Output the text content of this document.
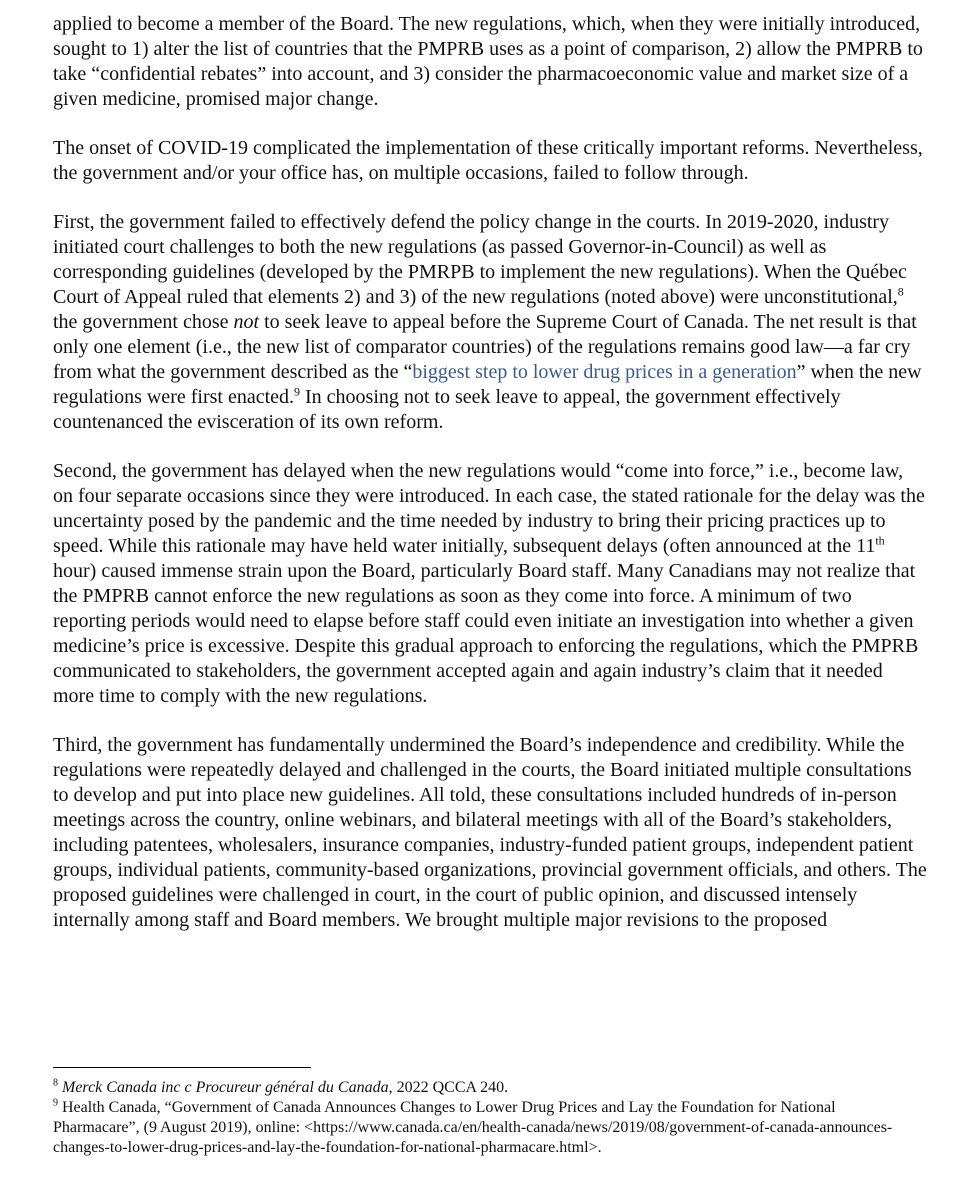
applied to become a member of the Board. The new regulations, which, when they were initially introduced, sought to 1) alter the list of countries that the PMPRB uses as a point of comparison, 2) allow the PMPRB to take “confidential rebates” into account, and 3) consider the pharmacoeconomic value and market size of a given medicine, promised major change.

The onset of COVID-19 complicated the implementation of these critically important reforms. Nevertheless, the government and/or your office has, on multiple occasions, failed to follow through.

First, the government failed to effectively defend the policy change in the courts. In 2019-2020, industry initiated court challenges to both the new regulations (as passed Governor-in-Council) as well as corresponding guidelines (developed by the PMRPB to implement the new regulations). When the Québec Court of Appeal ruled that elements 2) and 3) of the new regulations (noted above) were unconstitutional,$^8$ the government chose not to seek leave to appeal before the Supreme Court of Canada. The net result is that only one element (i.e., the new list of comparator countries) of the regulations remains good law—a far cry from what the government described as the “biggest step to lower drug prices in a generation” when the new regulations were first enacted.$^9$ In choosing not to seek leave to appeal, the government effectively countenanced the evisceration of its own reform.

Second, the government has delayed when the new regulations would “come into force,” i.e., become law, on four separate occasions since they were introduced. In each case, the stated rationale for the delay was the uncertainty posed by the pandemic and the time needed by industry to bring their pricing practices up to speed. While this rationale may have held water initially, subsequent delays (often announced at the 11th hour) caused immense strain upon the Board, particularly Board staff. Many Canadians may not realize that the PMPRB cannot enforce the new regulations as soon as they come into force. A minimum of two reporting periods would need to elapse before staff could even initiate an investigation into whether a given medicine’s price is excessive. Despite this gradual approach to enforcing the regulations, which the PMPRB communicated to stakeholders, the government accepted again and again industry’s claim that it needed more time to comply with the new regulations.

Third, the government has fundamentally undermined the Board’s independence and credibility. While the regulations were repeatedly delayed and challenged in the courts, the Board initiated multiple consultations to develop and put into place new guidelines. All told, these consultations included hundreds of in-person meetings across the country, online webinars, and bilateral meetings with all of the Board’s stakeholders, including patentees, wholesalers, insurance companies, industry-funded patient groups, independent patient groups, individual patients, community-based organizations, provincial government officials, and others. The proposed guidelines were challenged in court, in the court of public opinion, and discussed intensely internally among staff and Board members. We brought multiple major revisions to the proposed

$^8$ Merck Canada inc c Procureur général du Canada, 2022 QCCA 240.

$^9$ Health Canada, “Government of Canada Announces Changes to Lower Drug Prices and Lay the Foundation for National Pharmacare”, (9 August 2019), online: <https://www.canada.ca/en/health-canada/news/2019/08/government-of-canada-announces-changes-to-lower-drug-prices-and-lay-the-foundation-for-national-pharmacare.html>.
